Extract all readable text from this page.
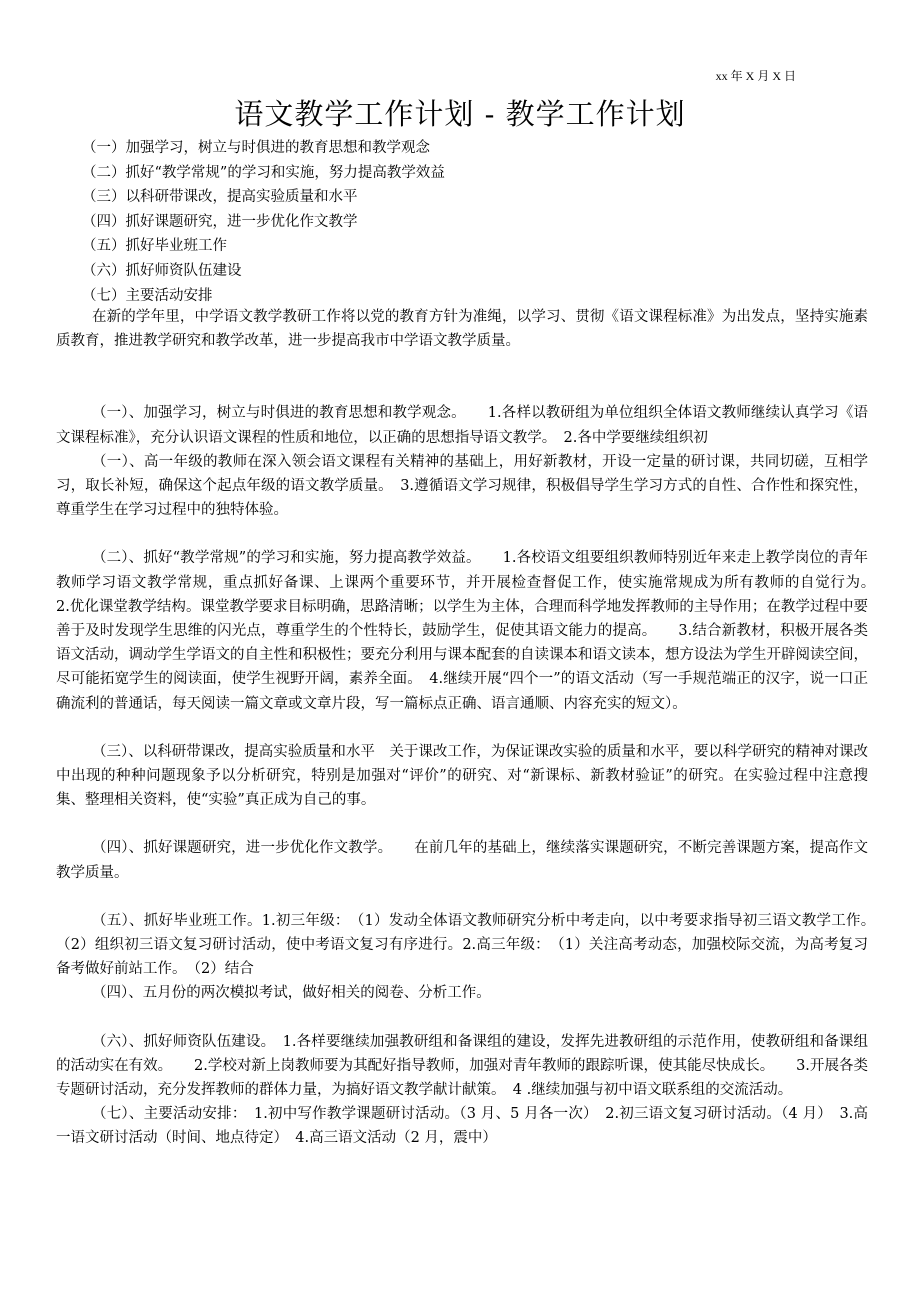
xx 年 X 月 X 日
语文教学工作计划 - 教学工作计划
（一）加强学习，树立与时俱进的教育思想和教学观念
（二）抓好“教学常规”的学习和实施，努力提高教学效益
（三）以科研带课改，提高实验质量和水平
（四）抓好课题研究，进一步优化作文教学
（五）抓好毕业班工作
（六）抓好师资队伍建设
（七）主要活动安排

在新的学年里，中学语文教学教研工作将以党的教育方针为准绳，以学习、贯彻《语文课程标准》为出发点，坚持实施素质教育，推进教学研究和教学改革，进一步提高我市中学语文教学质量。

（一）、加强学习，树立与时俱进的教育思想和教学观念。　　1.各样以教研组为单位组织全体语文教师继续认真学习《语文课程标准》，充分认识语文课程的性质和地位，以正确的思想指导语文教学。　2.各中学要继续组织初

（一）、高一年级的教师在深入领会语文课程有关精神的基础上，用好新教材，开设一定量的研讨课，共同切磋，互相学习，取长补短，确保这个起点年级的语文教学质量。　3.遵循语文学习规律，积极倡导学生学习方式的自性、合作性和探究性，尊重学生在学习过程中的独特体验。

（二）、抓好“教学常规”的学习和实施，努力提高教学效益。　　1.各校语文组要组织教师特别近年来走上教学岗位的青年教师学习语文教学常规，重点抓好备课、上课两个重要环节，并开展检查督促工作，使实施常规成为所有教师的自觉行为。　　2.优化课堂教学结构。课堂教学要求目标明确，思路清晰；以学生为主体，合理而科学地发挥教师的主导作用；在教学过程中要善于及时发现学生思维的闪光点，尊重学生的个性特长，鼓励学生，促使其语文能力的提高。　　3.结合新教材，积极开展各类语文活动，调动学生学语文的自主性和积极性；要充分利用与课本配套的自读课本和语文读本，想方设法为学生开辟阅读空间，尽可能拓宽学生的阅读面，使学生视野开阔，素养全面。　4.继续开展“四个一”的语文活动（写一手规范端正的汉字，说一口正确流利的普通话，每天阅读一篇文章或文章片段，写一篇标点正确、语言通顺、内容充实的短文）。

（三）、以科研带课改，提高实验质量和水平　关于课改工作，为保证课改实验的质量和水平，要以科学研究的精神对课改中出现的种种问题现象予以分析研究，特别是加强对“评价”的研究、对“新课标、新教材验证”的研究。在实验过程中注意搜集、整理相关资料，使“实验”真正成为自己的事。

（四）、抓好课题研究，进一步优化作文教学。　　在前几年的基础上，继续落实课题研究，不断完善课题方案，提高作文教学质量。

（五）、抓好毕业班工作。1.初三年级：　（1）发动全体语文教师研究分析中考走向，以中考要求指导初三语文教学工作。　（2）组织初三语文复习研讨活动，使中考语文复习有序进行。2.高三年级：　（1）关注高考动态，加强校际交流，为高考复习备考做好前站工作。　（2）结合

（四）、五月份的两次模拟考试，做好相关的阅卷、分析工作。

（六）、抓好师资队伍建设。　1.各样要继续加强教研组和备课组的建设，发挥先进教研组的示范作用，使教研组和备课组的活动实在有效。　　2.学校对新上岗教师要为其配好指导教师，加强对青年教师的跟踪听课，使其能尽快成长。　　3.开展各类专题研讨活动，充分发挥教师的群体力量，为搞好语文教学献计献策。　4 .继续加强与初中语文联系组的交流活动。

（七）、主要活动安排：　1.初中写作教学课题研讨活动。（3 月、5 月各一次）　2.初三语文复习研讨活动。（4 月）　3.高一语文研讨活动（时间、地点待定）　4.高三语文活动（2 月，震中）
